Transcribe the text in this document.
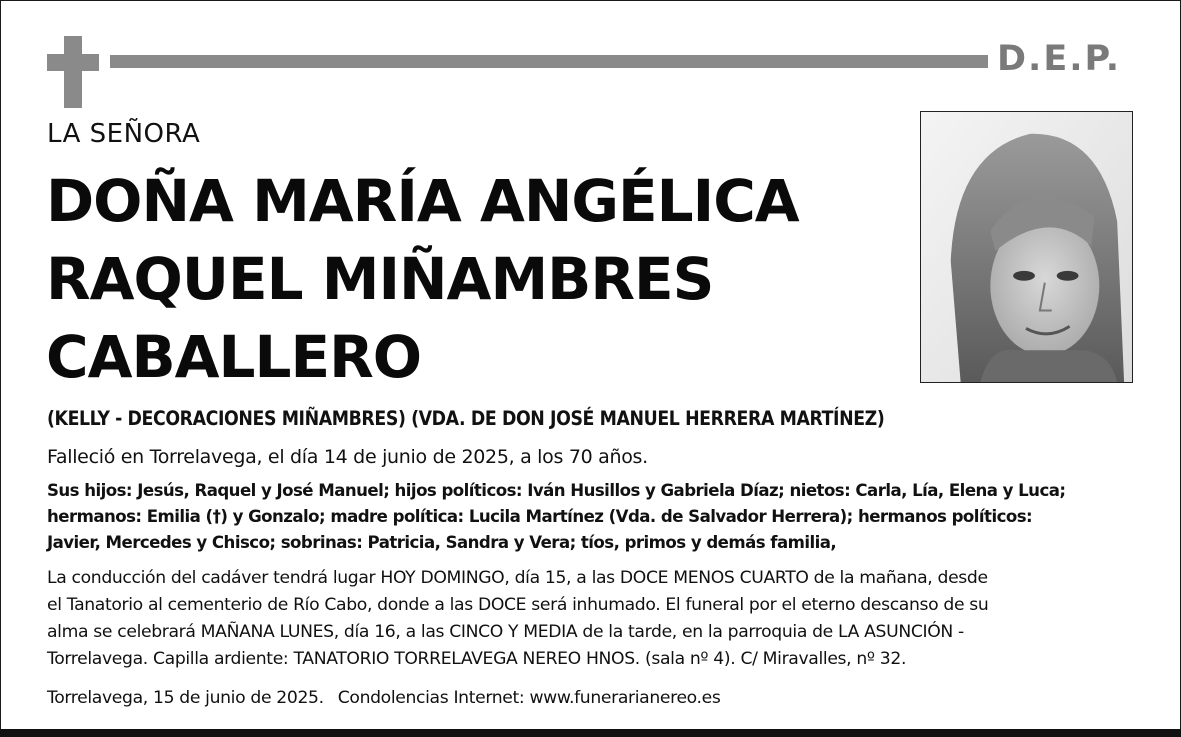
D.E.P.
LA SEÑORA
DOÑA MARÍA ANGÉLICA
RAQUEL MIÑAMBRES
CABALLERO
(KELLY - DECORACIONES MIÑAMBRES) (VDA. DE DON JOSÉ MANUEL HERRERA MARTÍNEZ)
Falleció en Torrelavega, el día 14 de junio de 2025, a los 70 años.
Sus hijos: Jesús, Raquel y José Manuel; hijos políticos: Iván Husillos y Gabriela Díaz; nietos: Carla, Lía, Elena y Luca;
hermanos: Emilia (†) y Gonzalo; madre política: Lucila Martínez (Vda. de Salvador Herrera); hermanos políticos:
Javier, Mercedes y Chisco; sobrinas: Patricia, Sandra y Vera; tíos, primos y demás familia,
La conducción del cadáver tendrá lugar HOY DOMINGO, día 15, a las DOCE MENOS CUARTO de la mañana, desde
el Tanatorio al cementerio de Río Cabo, donde a las DOCE será inhumado. El funeral por el eterno descanso de su
alma se celebrará MAÑANA LUNES, día 16, a las CINCO Y MEDIA de la tarde, en la parroquia de LA ASUNCIÓN -
Torrelavega. Capilla ardiente: TANATORIO TORRELAVEGA NEREO HNOS. (sala nº 4). C/ Miravalles, nº 32.
Torrelavega, 15 de junio de 2025. Condolencias Internet: www.funerarianereo.es
